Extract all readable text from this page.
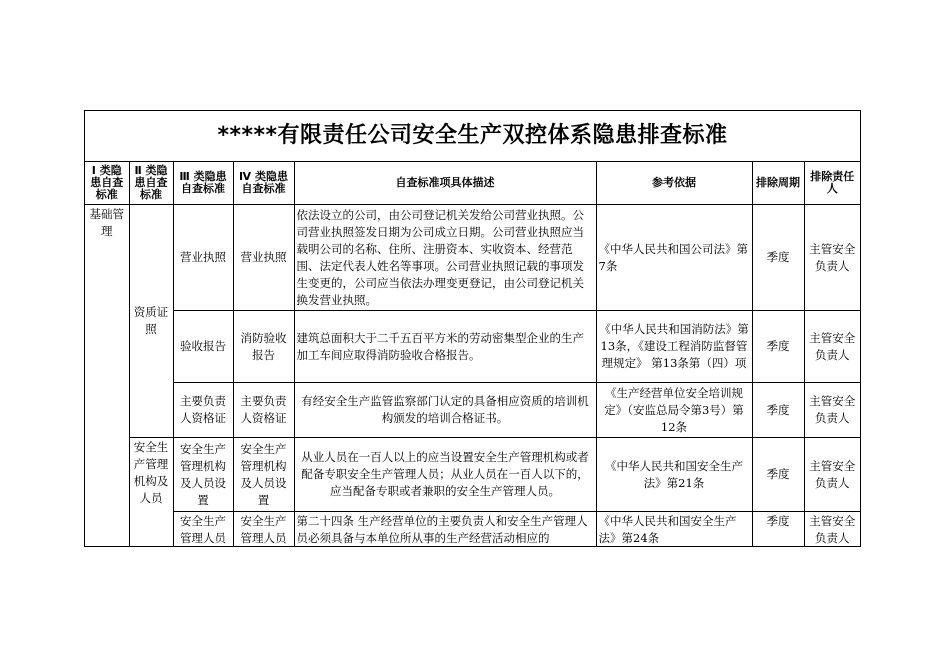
*****有限责任公司安全生产双控体系隐患排查标准
Ⅰ 类隐患自查标准	Ⅱ 类隐患自查标准	Ⅲ 类隐患自查标准	Ⅳ 类隐患自查标准	自查标准项具体描述	参考依据	排除周期	排除责任人
基础管理	资质证照	营业执照	营业执照	依法设立的公司，由公司登记机关发给公司营业执照。公司营业执照签发日期为公司成立日期。公司营业执照应当载明公司的名称、住所、注册资本、实收资本、经营范围、法定代表人姓名等事项。公司营业执照记载的事项发生变更的，公司应当依法办理变更登记，由公司登记机关换发营业执照。	《中华人民共和国公司法》第7条	季度	主管安全负责人
		验收报告	消防验收报告	建筑总面积大于二千五百平方米的劳动密集型企业的生产加工车间应取得消防验收合格报告。	《中华人民共和国消防法》第13条，《建设工程消防监督管理规定》 第13条第（四）项	季度	主管安全负责人
		主要负责人资格证	主要负责人资格证	有经安全生产监管监察部门认定的具备相应资质的培训机构颁发的培训合格证书。	《生产经营单位安全培训规定》（安监总局令第3号）第12条	季度	主管安全负责人
	安全生产管理机构及人员	安全生产管理机构及人员设置	安全生产管理机构及人员设置	从业人员在一百人以上的应当设置安全生产管理机构或者配备专职安全生产管理人员；从业人员在一百人以下的，应当配备专职或者兼职的安全生产管理人员。	《中华人民共和国安全生产法》第21条	季度	主管安全负责人
		安全生产管理人员	安全生产管理人员	第二十四条 生产经营单位的主要负责人和安全生产管理人员必须具备与本单位所从事的生产经营活动相应的	《中华人民共和国安全生产法》第24条	季度	主管安全负责人
